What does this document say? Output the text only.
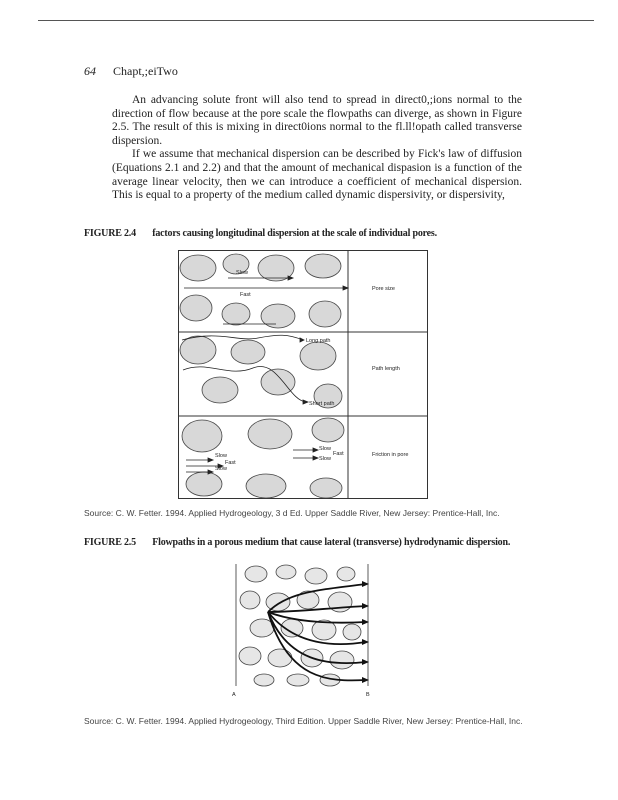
64 Chapt,;eiTwo

An advancing solute front will also tend to spread in direct0,;ions normal to the direction of flow because at the pore scale the flowpaths can diverge, as shown in Figure 2.5. The result of this is mixing in direct0ions normal to the fl.ll!opath called transverse dispersion.

If we assume that mechanical dispersion can be described by Fick's law of diffusion (Equations 2.1 and 2.2) and that the amount of mechanical dispasion is a function of the average linear velocity, then we can introduce a coefficient of mechanical dispersion. This is equal to a property of the medium called dynamic dispersivity, or dispersivity,

FIGURE 2.4 factors causing longitudinal dispersion at the scale of individual pores.
Slow
Fast
Long path
Short path
Slow
Fast
Slow
Slow
Fast
Slow
Pore size
Path length
Friction in pore
Source: C. W. Fetter. 1994. Applied Hydrogeology, 3 d Ed. Upper Saddle River, New Jersey: Prentice-Hall, Inc.
FIGURE 2.5 Flowpaths in a porous medium that cause lateral (transverse) hydrodynamic dispersion.
A	B
Source: C. W. Fetter. 1994. Applied Hydrogeology, Third Edition. Upper Saddle River, New Jersey: Prentice-Hall, Inc.
